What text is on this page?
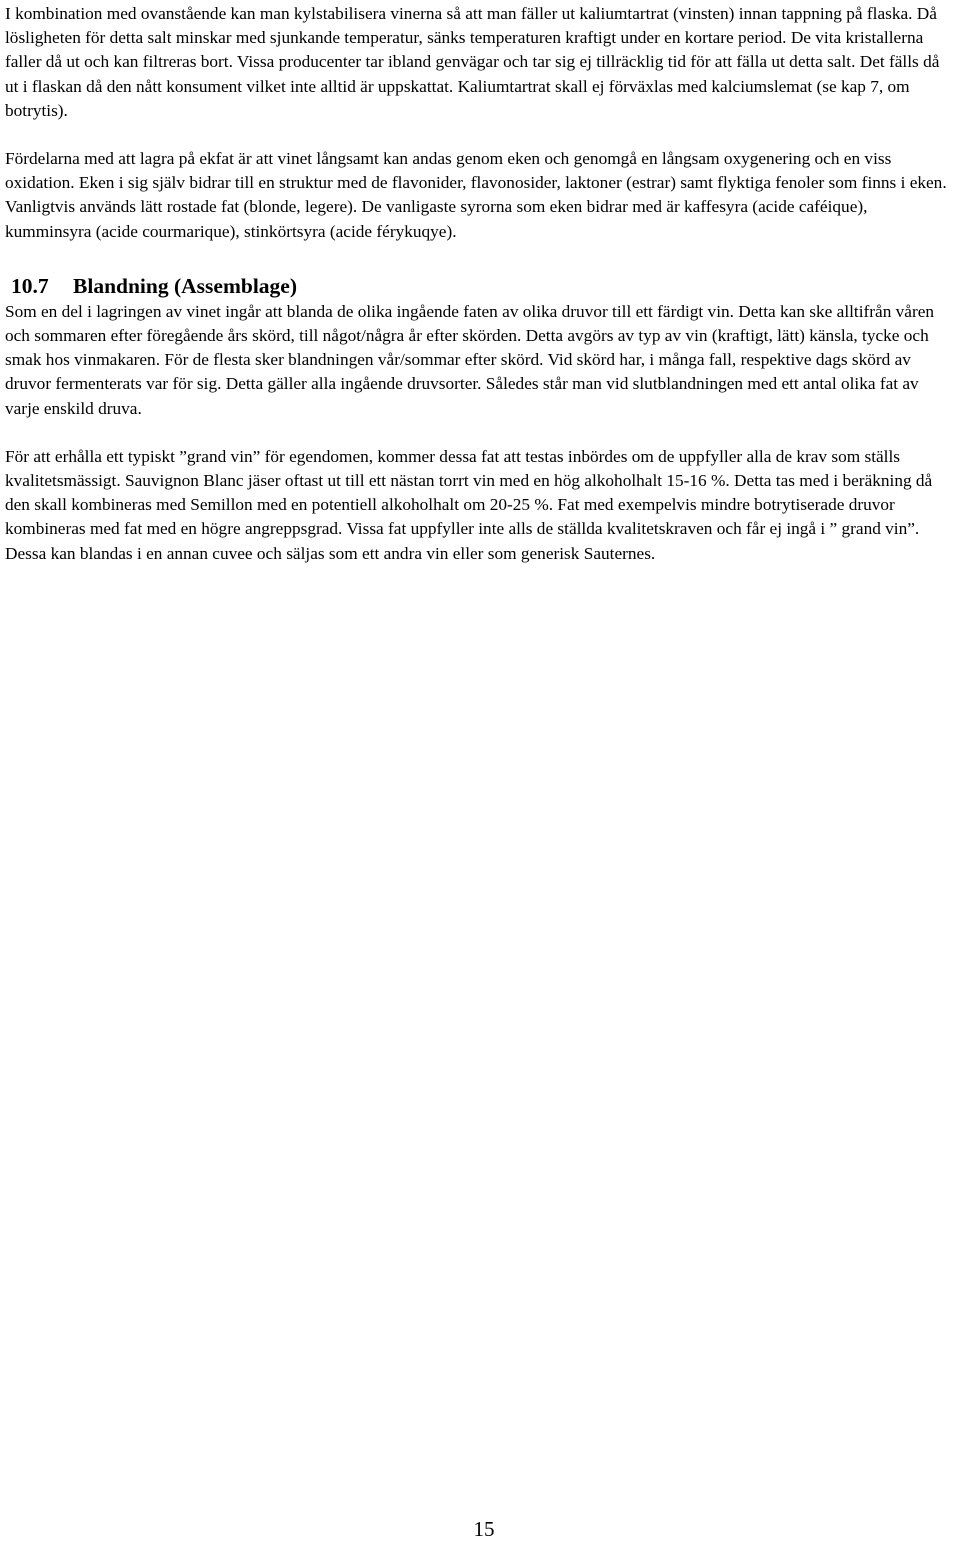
I kombination med ovanstående kan man kylstabilisera vinerna så att man fäller ut kaliumtartrat (vinsten) innan tappning på flaska. Då lösligheten för detta salt minskar med sjunkande temperatur, sänks temperaturen kraftigt under en kortare period. De vita kristallerna faller då ut och kan filtreras bort. Vissa producenter tar ibland genvägar och tar sig ej tillräcklig tid för att fälla ut detta salt. Det fälls då ut i flaskan då den nått konsument vilket inte alltid är uppskattat. Kaliumtartrat skall ej förväxlas med kalciumslemat (se kap 7, om botrytis).

Fördelarna med att lagra på ekfat är att vinet långsamt kan andas genom eken och genomgå en långsam oxygenering och en viss oxidation. Eken i sig själv bidrar till en struktur med de flavonider, flavonosider, laktoner (estrar) samt flyktiga fenoler som finns i eken.

Vanligtvis används lätt rostade fat (blonde, legere). De vanligaste syrorna som eken bidrar med är kaffesyra (acide caféique), kumminsyra (acide courmarique), stinkörtsyra (acide férykuqye).

10.7 Blandning (Assemblage)

Som en del i lagringen av vinet ingår att blanda de olika ingående faten av olika druvor till ett färdigt vin. Detta kan ske alltifrån våren och sommaren efter föregående års skörd, till något/några år efter skörden. Detta avgörs av typ av vin (kraftigt, lätt) känsla, tycke och smak hos vinmakaren. För de flesta sker blandningen vår/sommar efter skörd. Vid skörd har, i många fall, respektive dags skörd av druvor fermenterats var för sig. Detta gäller alla ingående druvsorter. Således står man vid slutblandningen med ett antal olika fat av varje enskild druva.

För att erhålla ett typiskt ”grand vin” för egendomen, kommer dessa fat att testas inbördes om de uppfyller alla de krav som ställs kvalitetsmässigt. Sauvignon Blanc jäser oftast ut till ett nästan torrt vin med en hög alkoholhalt 15-16 %. Detta tas med i beräkning då den skall kombineras med Semillon med en potentiell alkoholhalt om 20-25 %. Fat med exempelvis mindre botrytiserade druvor kombineras med fat med en högre angreppsgrad. Vissa fat uppfyller inte alls de ställda kvalitetskraven och får ej ingå i ” grand vin”. Dessa kan blandas i en annan cuvee och säljas som ett andra vin eller som generisk Sauternes.

15
